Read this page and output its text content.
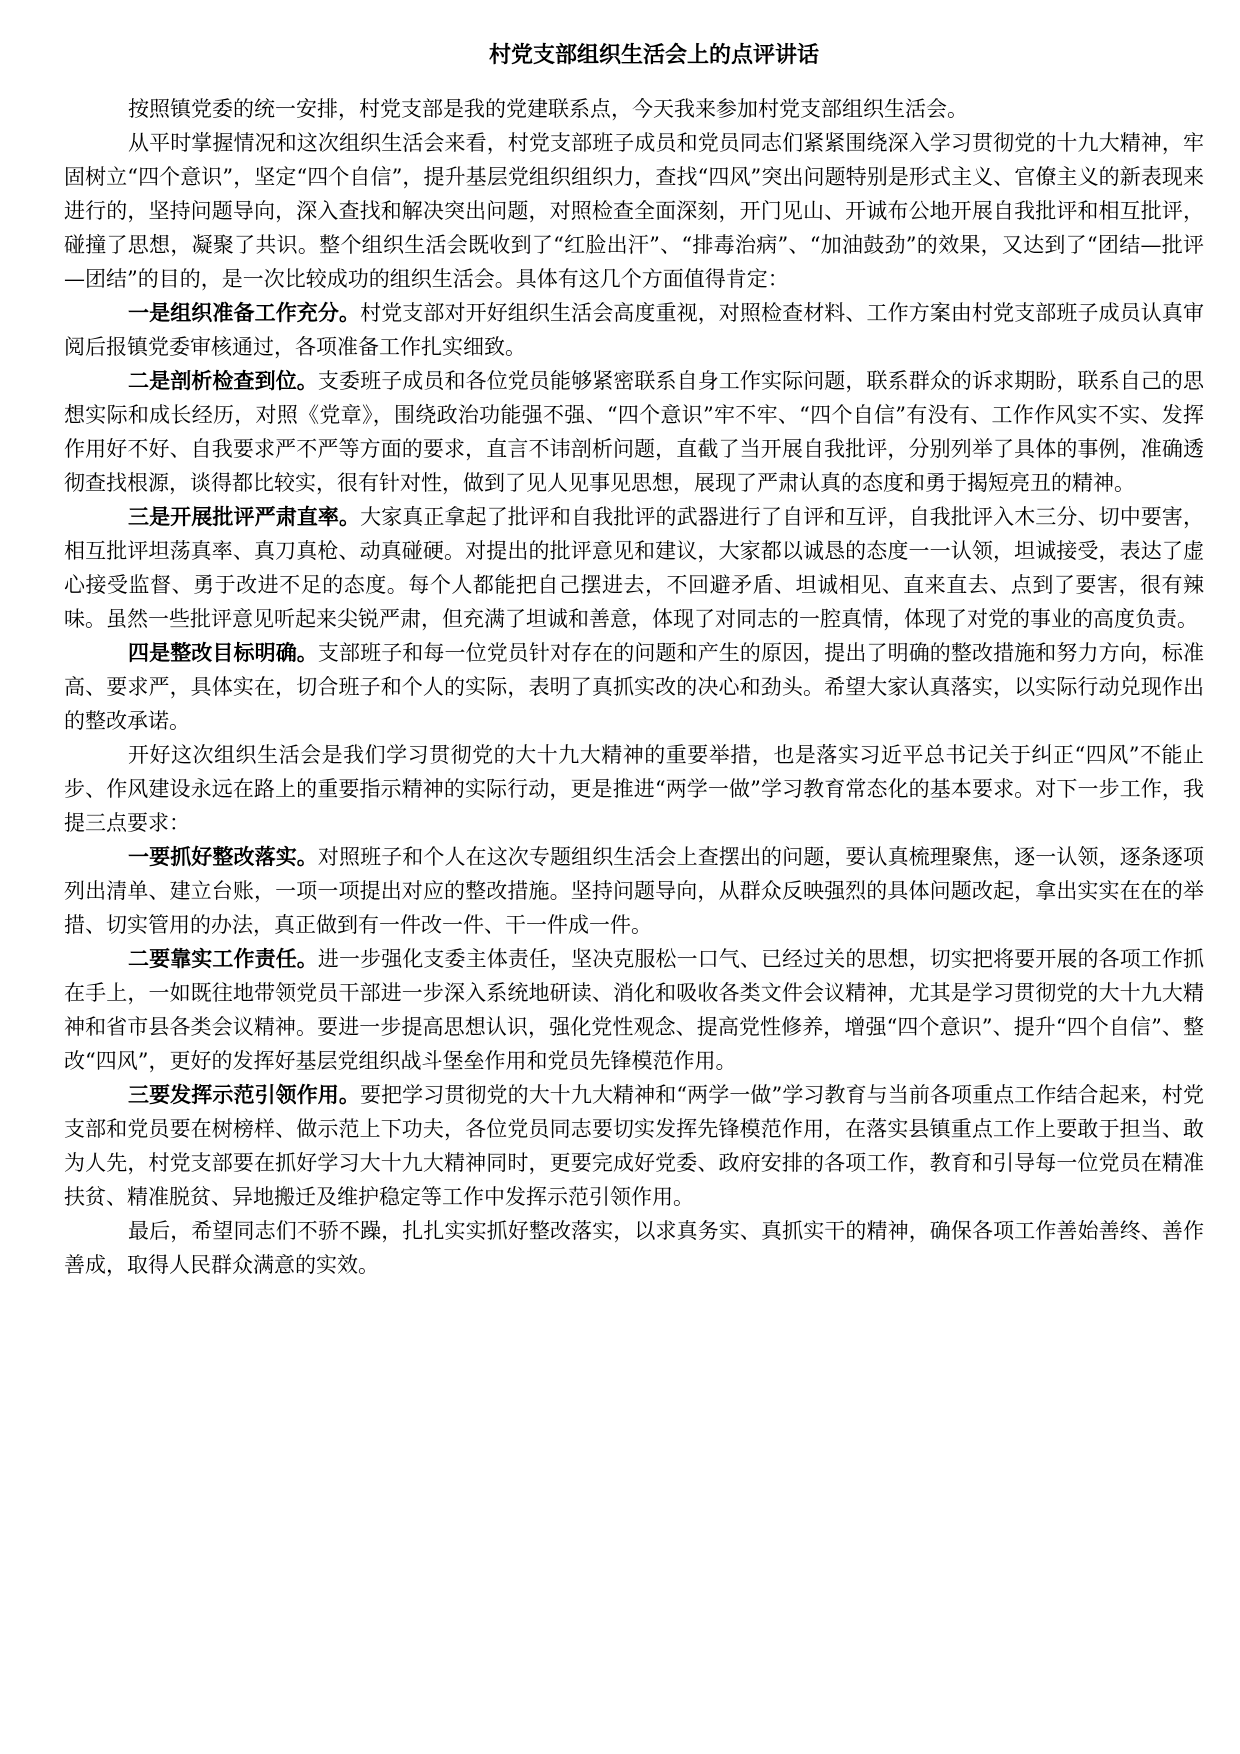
村党支部组织生活会上的点评讲话

按照镇党委的统一安排，村党支部是我的党建联系点，今天我来参加村党支部组织生活会。

从平时掌握情况和这次组织生活会来看，村党支部班子成员和党员同志们紧紧围绕深入学习贯彻党的十九大精神，牢固树立“四个意识”，坚定“四个自信”，提升基层党组织组织力，查找“四风”突出问题特别是形式主义、官僚主义的新表现来进行的，坚持问题导向，深入查找和解决突出问题，对照检查全面深刻，开门见山、开诚布公地开展自我批评和相互批评，碰撞了思想，凝聚了共识。整个组织生活会既收到了“红脸出汗”、“排毒治病”、“加油鼓劲”的效果，又达到了“团结—批评—团结”的目的，是一次比较成功的组织生活会。具体有这几个方面值得肯定：

一是组织准备工作充分。村党支部对开好组织生活会高度重视，对照检查材料、工作方案由村党支部班子成员认真审阅后报镇党委审核通过，各项准备工作扎实细致。

二是剖析检查到位。支委班子成员和各位党员能够紧密联系自身工作实际问题，联系群众的诉求期盼，联系自己的思想实际和成长经历，对照《党章》，围绕政治功能强不强、“四个意识”牢不牢、“四个自信”有没有、工作作风实不实、发挥作用好不好、自我要求严不严等方面的要求，直言不讳剖析问题，直截了当开展自我批评，分别列举了具体的事例，准确透彻查找根源，谈得都比较实，很有针对性，做到了见人见事见思想，展现了严肃认真的态度和勇于揭短亮丑的精神。

三是开展批评严肃直率。大家真正拿起了批评和自我批评的武器进行了自评和互评，自我批评入木三分、切中要害，相互批评坦荡真率、真刀真枪、动真碰硬。对提出的批评意见和建议，大家都以诚恳的态度一一认领，坦诚接受，表达了虚心接受监督、勇于改进不足的态度。每个人都能把自己摆进去，不回避矛盾、坦诚相见、直来直去、点到了要害，很有辣味。虽然一些批评意见听起来尖锐严肃，但充满了坦诚和善意，体现了对同志的一腔真情，体现了对党的事业的高度负责。

四是整改目标明确。支部班子和每一位党员针对存在的问题和产生的原因，提出了明确的整改措施和努力方向，标准高、要求严，具体实在，切合班子和个人的实际，表明了真抓实改的决心和劲头。希望大家认真落实，以实际行动兑现作出的整改承诺。

开好这次组织生活会是我们学习贯彻党的大十九大精神的重要举措，也是落实习近平总书记关于纠正“四风”不能止步、作风建设永远在路上的重要指示精神的实际行动，更是推进“两学一做”学习教育常态化的基本要求。对下一步工作，我提三点要求：

一要抓好整改落实。对照班子和个人在这次专题组织生活会上查摆出的问题，要认真梳理聚焦，逐一认领，逐条逐项列出清单、建立台账，一项一项提出对应的整改措施。坚持问题导向，从群众反映强烈的具体问题改起，拿出实实在在的举措、切实管用的办法，真正做到有一件改一件、干一件成一件。

二要靠实工作责任。进一步强化支委主体责任，坚决克服松一口气、已经过关的思想，切实把将要开展的各项工作抓在手上，一如既往地带领党员干部进一步深入系统地研读、消化和吸收各类文件会议精神，尤其是学习贯彻党的大十九大精神和省市县各类会议精神。要进一步提高思想认识，强化党性观念、提高党性修养，增强“四个意识”、提升“四个自信”、整改“四风”，更好的发挥好基层党组织战斗堡垒作用和党员先锋模范作用。

三要发挥示范引领作用。要把学习贯彻党的大十九大精神和“两学一做”学习教育与当前各项重点工作结合起来，村党支部和党员要在树榜样、做示范上下功夫，各位党员同志要切实发挥先锋模范作用，在落实县镇重点工作上要敢于担当、敢为人先，村党支部要在抓好学习大十九大精神同时，更要完成好党委、政府安排的各项工作，教育和引导每一位党员在精准扶贫、精准脱贫、异地搬迁及维护稳定等工作中发挥示范引领作用。

最后，希望同志们不骄不躁，扎扎实实抓好整改落实，以求真务实、真抓实干的精神，确保各项工作善始善终、善作善成，取得人民群众满意的实效。
